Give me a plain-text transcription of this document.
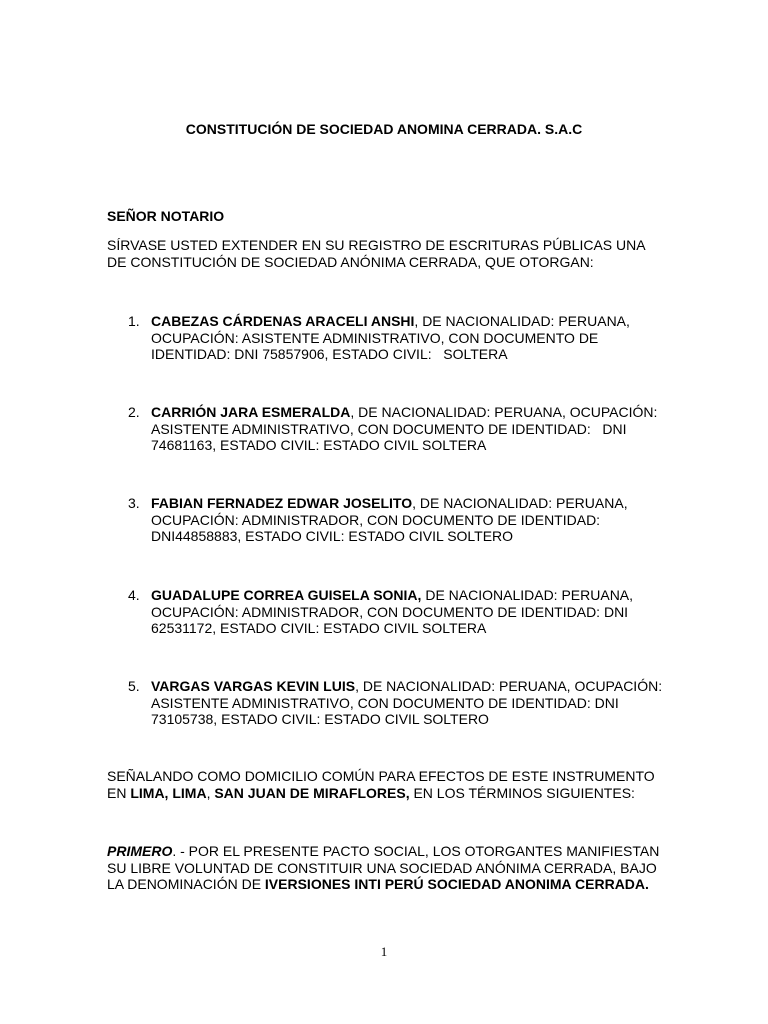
CONSTITUCIÓN DE SOCIEDAD ANOMINA CERRADA. S.A.C
SEÑOR NOTARIO
SÍRVASE USTED EXTENDER EN SU REGISTRO DE ESCRITURAS PÚBLICAS UNA
DE CONSTITUCIÓN DE SOCIEDAD ANÓNIMA CERRADA, QUE OTORGAN:
1. CABEZAS CÁRDENAS ARACELI ANSHI, DE NACIONALIDAD: PERUANA,
OCUPACIÓN: ASISTENTE ADMINISTRATIVO, CON DOCUMENTO DE
IDENTIDAD: DNI 75857906, ESTADO CIVIL:   SOLTERA
2. CARRIÓN JARA ESMERALDA, DE NACIONALIDAD: PERUANA, OCUPACIÓN:
ASISTENTE ADMINISTRATIVO, CON DOCUMENTO DE IDENTIDAD:   DNI
74681163, ESTADO CIVIL: ESTADO CIVIL SOLTERA
3. FABIAN FERNADEZ EDWAR JOSELITO, DE NACIONALIDAD: PERUANA,
OCUPACIÓN: ADMINISTRADOR, CON DOCUMENTO DE IDENTIDAD:
DNI44858883, ESTADO CIVIL: ESTADO CIVIL SOLTERO
4. GUADALUPE CORREA GUISELA SONIA, DE NACIONALIDAD: PERUANA,
OCUPACIÓN: ADMINISTRADOR, CON DOCUMENTO DE IDENTIDAD: DNI
62531172, ESTADO CIVIL: ESTADO CIVIL SOLTERA
5. VARGAS VARGAS KEVIN LUIS, DE NACIONALIDAD: PERUANA, OCUPACIÓN:
ASISTENTE ADMINISTRATIVO, CON DOCUMENTO DE IDENTIDAD: DNI
73105738, ESTADO CIVIL: ESTADO CIVIL SOLTERO
SEÑALANDO COMO DOMICILIO COMÚN PARA EFECTOS DE ESTE INSTRUMENTO
EN LIMA, LIMA, SAN JUAN DE MIRAFLORES, EN LOS TÉRMINOS SIGUIENTES:
PRIMERO. - POR EL PRESENTE PACTO SOCIAL, LOS OTORGANTES MANIFIESTAN
SU LIBRE VOLUNTAD DE CONSTITUIR UNA SOCIEDAD ANÓNIMA CERRADA, BAJO
LA DENOMINACIÓN DE IVERSIONES INTI PERÚ SOCIEDAD ANONIMA CERRADA.
1
